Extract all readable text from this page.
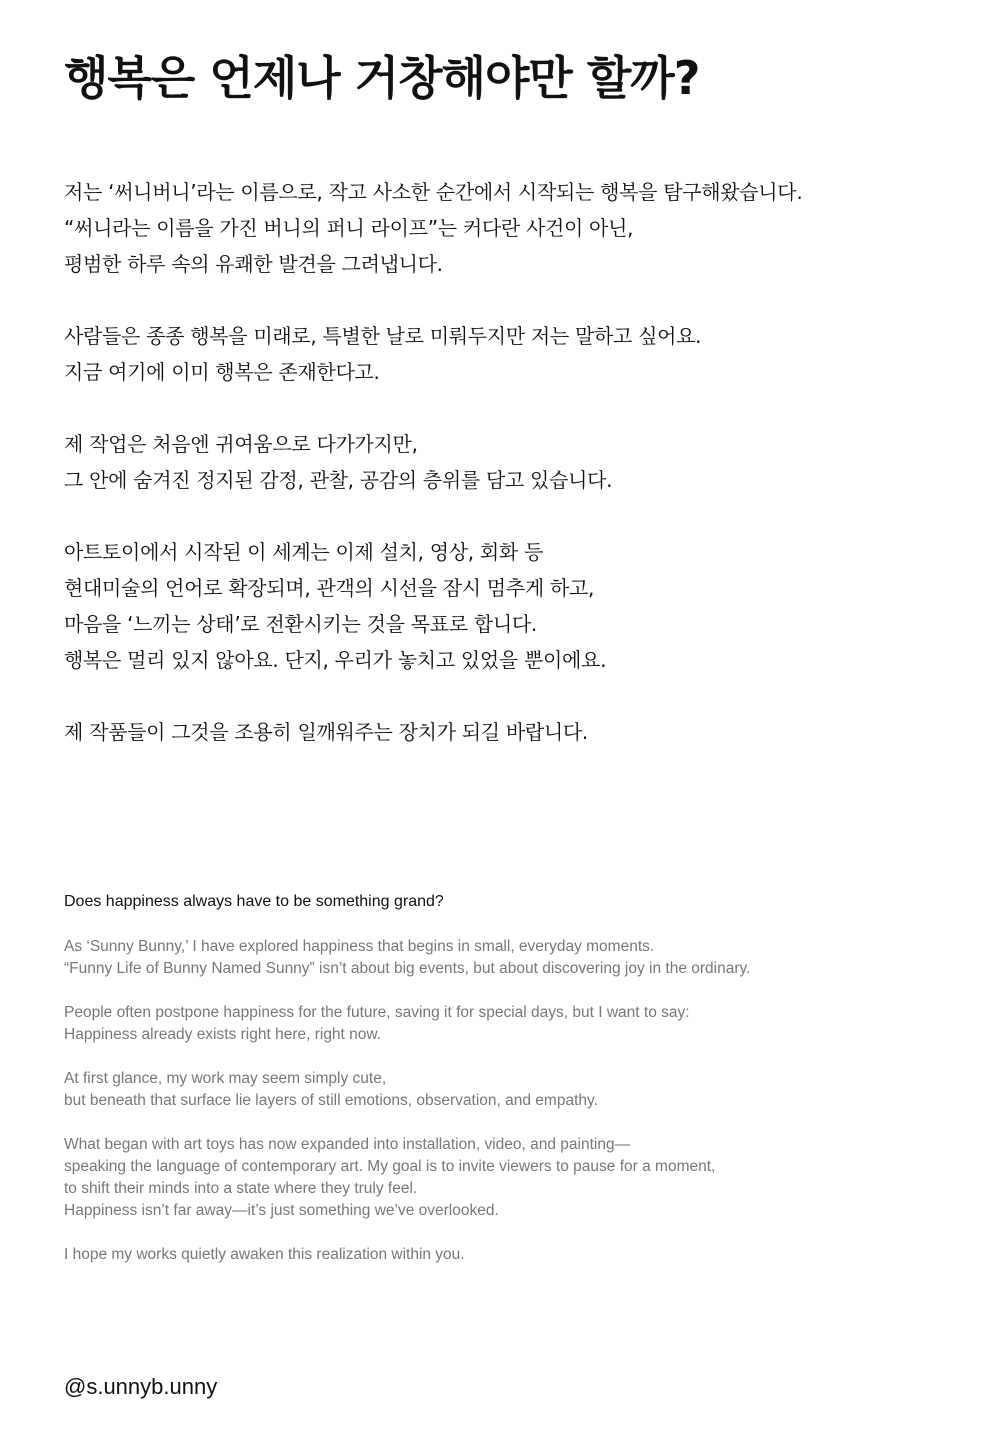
행복은 언제나 거창해야만 할까?
저는 ‘써니버니’라는 이름으로, 작고 사소한 순간에서 시작되는 행복을 탐구해왔습니다.
“써니라는 이름을 가진 버니의 퍼니 라이프”는 커다란 사건이 아닌,
평범한 하루 속의 유쾌한 발견을 그려냅니다.
사람들은 종종 행복을 미래로, 특별한 날로 미뤄두지만 저는 말하고 싶어요.
지금 여기에 이미 행복은 존재한다고.
제 작업은 처음엔 귀여움으로 다가가지만,
그 안에 숨겨진 정지된 감정, 관찰, 공감의 층위를 담고 있습니다.
아트토이에서 시작된 이 세계는 이제 설치, 영상, 회화 등
현대미술의 언어로 확장되며, 관객의 시선을 잠시 멈추게 하고,
마음을 ‘느끼는 상태’로 전환시키는 것을 목표로 합니다.
행복은 멀리 있지 않아요. 단지, 우리가 놓치고 있었을 뿐이에요.
제 작품들이 그것을 조용히 일깨워주는 장치가 되길 바랍니다.
Does happiness always have to be something grand?
As ‘Sunny Bunny,’ I have explored happiness that begins in small, everyday moments.
“Funny Life of Bunny Named Sunny” isn’t about big events, but about discovering joy in the ordinary.
People often postpone happiness for the future, saving it for special days, but I want to say:
Happiness already exists right here, right now.
At first glance, my work may seem simply cute,
but beneath that surface lie layers of still emotions, observation, and empathy.
What began with art toys has now expanded into installation, video, and painting—
speaking the language of contemporary art. My goal is to invite viewers to pause for a moment,
to shift their minds into a state where they truly feel.
Happiness isn’t far away—it’s just something we’ve overlooked.
I hope my works quietly awaken this realization within you.
@s.unnyb.unny
